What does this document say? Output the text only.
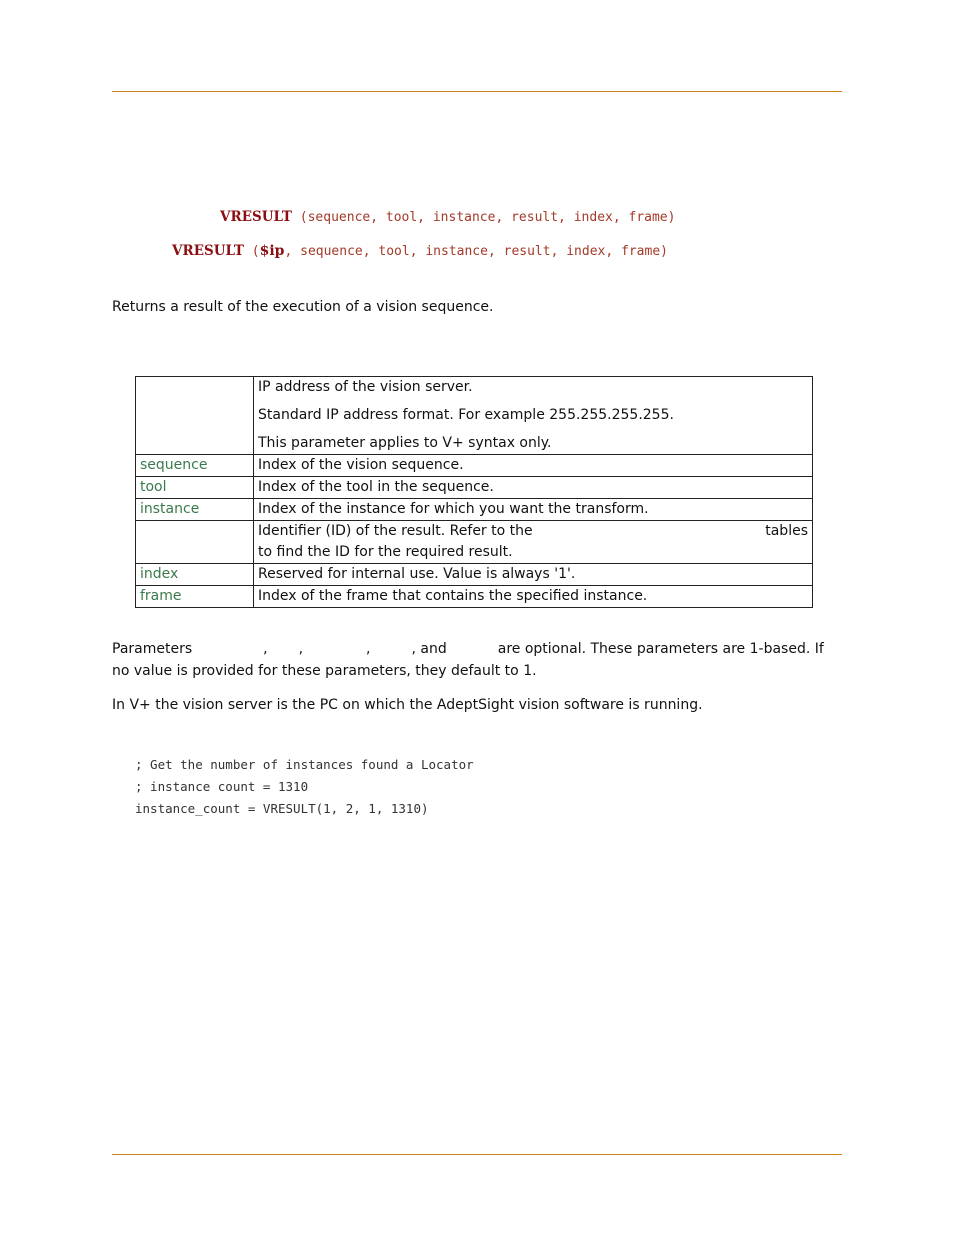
VRESULT (sequence, tool, instance, result, index, frame)
VRESULT ($ip, sequence, tool, instance, result, index, frame)
Returns a result of the execution of a vision sequence.

	IP address of the vision server.

Standard IP address format. For example 255.255.255.255.

This parameter applies to V+ syntax only.

sequence	Index of the vision sequence.
tool	Index of the tool in the sequence.
instance	Index of the instance for which you want the transform.

	Identifier (ID) of the result. Refer to the tables
to find the ID for the required result.

index	Reserved for internal use. Value is always '1'.
frame	Index of the frame that contains the specified instance.
Parameters	, ,	,	, and	are optional. These parameters are 1-based. If no value is provided for these parameters, they default to 1.
In V+ the vision server is the PC on which the AdeptSight vision software is running.
; Get the number of instances found a Locator
; instance count = 1310
instance_count = VRESULT(1, 2, 1, 1310)
